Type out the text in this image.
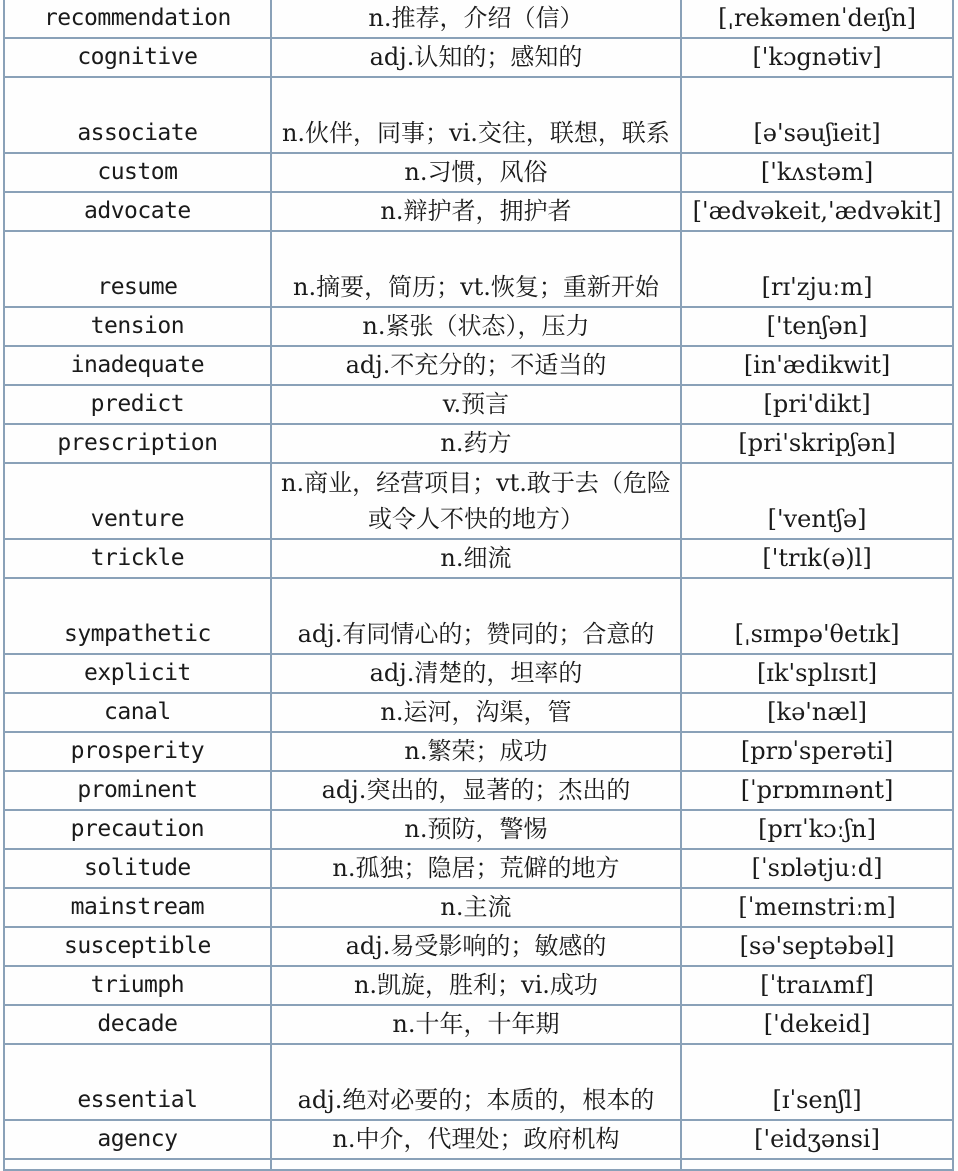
recommendation	n.推荐，介绍（信）	[ˌrekəmenˈdeɪʃn]
cognitive	adj.认知的；感知的	['kɔgnətiv]
associate	n.伙伴，同事；vi.交往，联想，联系	[ə'səuʃieit]
custom	n.习惯，风俗	['kʌstəm]
advocate	n.辩护者，拥护者	['ædvəkeit,'ædvəkit]
resume	n.摘要，简历；vt.恢复；重新开始	[rɪ'zjuːm]
tension	n.紧张（状态），压力	['tenʃən]
inadequate	adj.不充分的；不适当的	[in'ædikwit]
predict	v.预言	[pri'dikt]
prescription	n.药方	[pri'skripʃən]
venture	n.商业，经营项目；vt.敢于去（危险或令人不快的地方）	['ventʃə]
trickle	n.细流	['trɪk(ə)l]
sympathetic	adj.有同情心的；赞同的；合意的	[ˌsɪmpə'θetɪk]
explicit	adj.清楚的，坦率的	[ɪk'splɪsɪt]
canal	n.运河，沟渠，管	[kə'næl]
prosperity	n.繁荣；成功	[prɒˈsperəti]
prominent	adj.突出的，显著的；杰出的	[ˈprɒmɪnənt]
precaution	n.预防，警惕	[prɪˈkɔːʃn]
solitude	n.孤独；隐居；荒僻的地方	[ˈsɒlətjuːd]
mainstream	n.主流	[ˈmeɪnstriːm]
susceptible	adj.易受影响的；敏感的	[sə'septəbəl]
triumph	n.凯旋，胜利；vi.成功	[ˈtraɪʌmf]
decade	n.十年，十年期	['dekeid]
essential	adj.绝对必要的；本质的，根本的	[ɪˈsenʃl]
agency	n.中介，代理处；政府机构	['eidʒənsi]
